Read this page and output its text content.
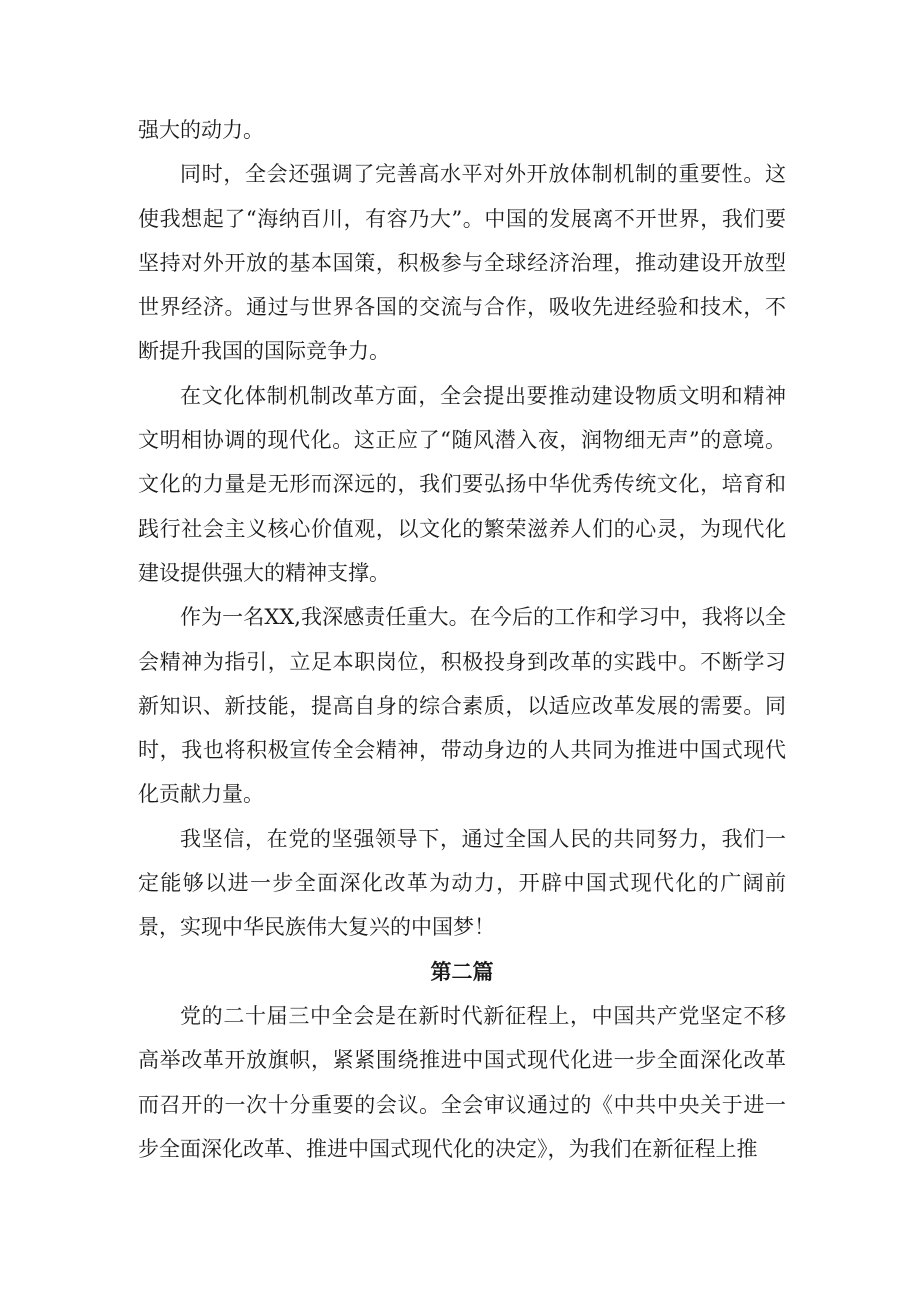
强大的动力。

同时，全会还强调了完善高水平对外开放体制机制的重要性。这使我想起了“海纳百川，有容乃大”。中国的发展离不开世界，我们要坚持对外开放的基本国策，积极参与全球经济治理，推动建设开放型世界经济。通过与世界各国的交流与合作，吸收先进经验和技术，不断提升我国的国际竞争力。

在文化体制机制改革方面，全会提出要推动建设物质文明和精神文明相协调的现代化。这正应了“随风潜入夜，润物细无声”的意境。文化的力量是无形而深远的，我们要弘扬中华优秀传统文化，培育和践行社会主义核心价值观，以文化的繁荣滋养人们的心灵，为现代化建设提供强大的精神支撑。

作为一名XX,我深感责任重大。在今后的工作和学习中，我将以全会精神为指引，立足本职岗位，积极投身到改革的实践中。不断学习新知识、新技能，提高自身的综合素质，以适应改革发展的需要。同时，我也将积极宣传全会精神，带动身边的人共同为推进中国式现代化贡献力量。

我坚信，在党的坚强领导下，通过全国人民的共同努力，我们一定能够以进一步全面深化改革为动力，开辟中国式现代化的广阔前景，实现中华民族伟大复兴的中国梦！

第二篇

党的二十届三中全会是在新时代新征程上，中国共产党坚定不移高举改革开放旗帜，紧紧围绕推进中国式现代化进一步全面深化改革而召开的一次十分重要的会议。全会审议通过的《中共中央关于进一步全面深化改革、推进中国式现代化的决定》，为我们在新征程上推
